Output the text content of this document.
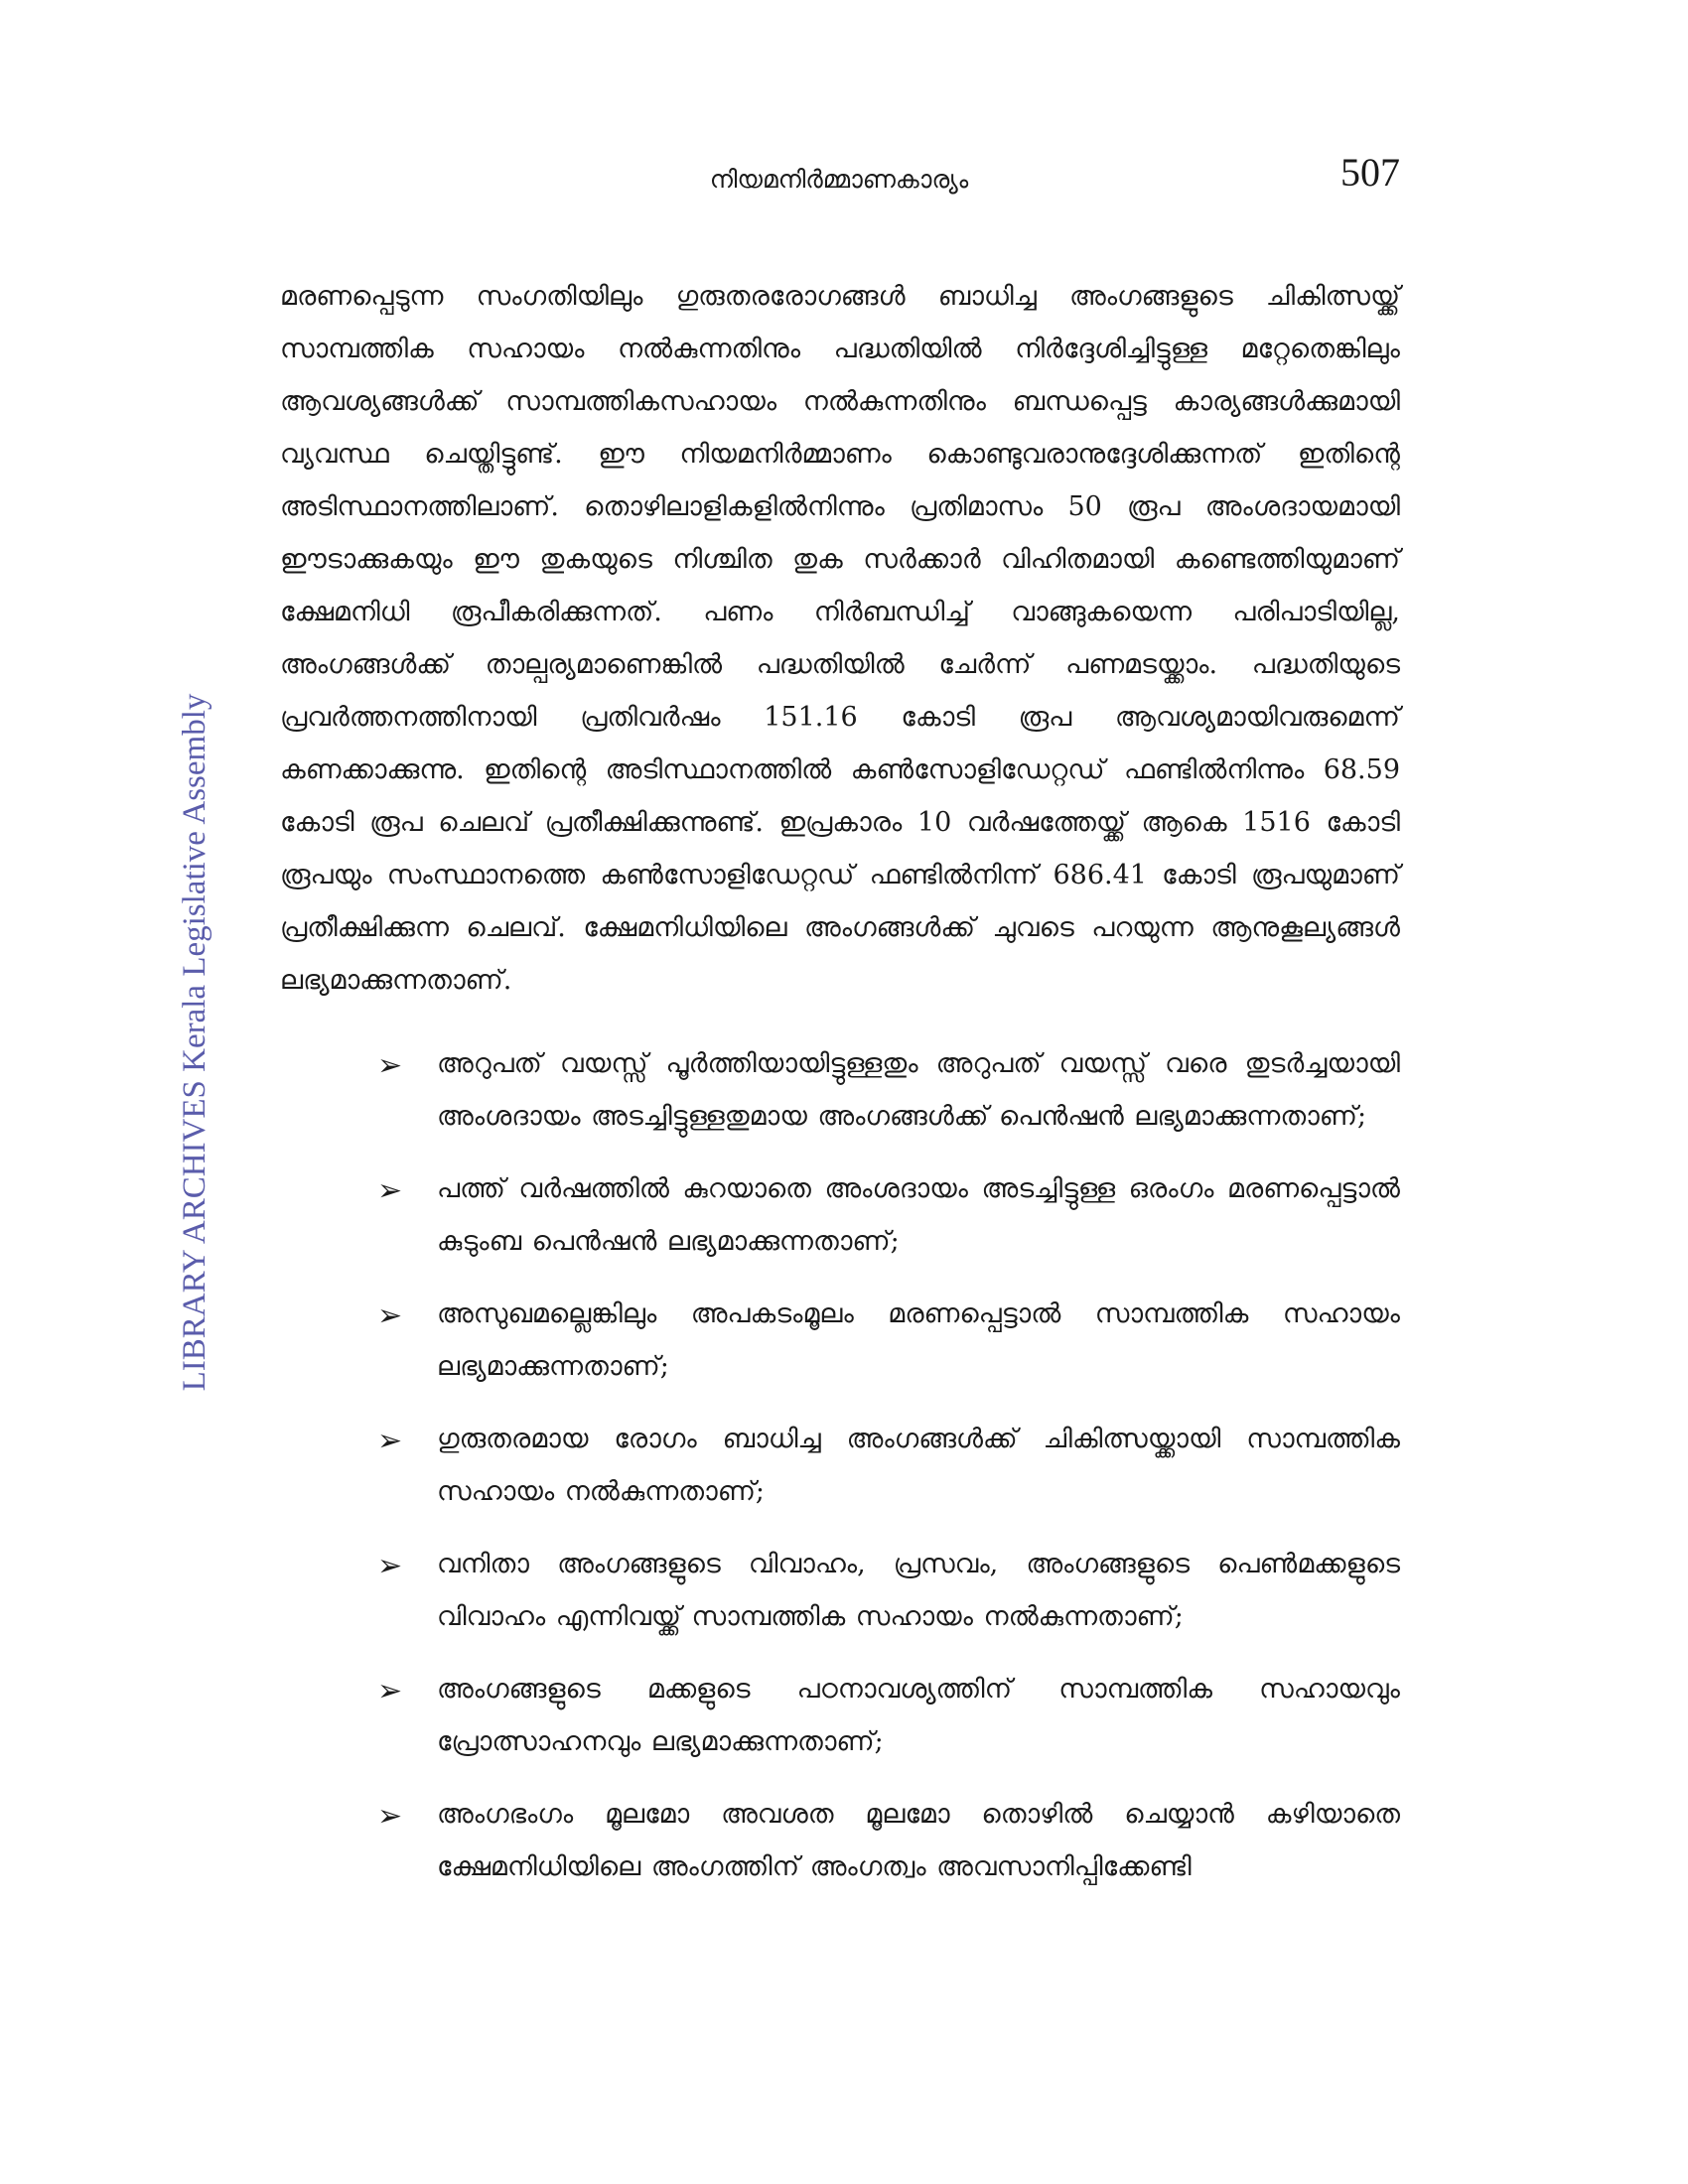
നിയമനിർമ്മാണകാര്യം	507
LIBRARY ARCHIVES Kerala Legislative Assembly

മരണപ്പെടുന്ന സംഗതിയിലും ഗുരുതരരോഗങ്ങൾ ബാധിച്ച അംഗങ്ങളുടെ ചികിത്സയ്ക്ക് സാമ്പത്തിക സഹായം നൽകുന്നതിനും പദ്ധതിയിൽ നിർദ്ദേശിച്ചിട്ടുള്ള മറ്റേതെങ്കിലും ആവശ്യങ്ങൾക്ക് സാമ്പത്തികസഹായം നൽകുന്നതിനും ബന്ധപ്പെട്ട കാര്യങ്ങൾക്കുമായി വ്യവസ്ഥ ചെയ്തിട്ടുണ്ട്. ഈ നിയമനിർമ്മാണം കൊണ്ടുവരാനുദ്ദേശിക്കുന്നത് ഇതിന്റെ അടിസ്ഥാനത്തിലാണ്. തൊഴിലാളികളിൽനിന്നും പ്രതിമാസം 50 രൂപ അംശദായമായി ഈടാക്കുകയും ഈ തുകയുടെ നിശ്ചിത തുക സർക്കാർ വിഹിതമായി കണ്ടെത്തിയുമാണ് ക്ഷേമനിധി രൂപീകരിക്കുന്നത്. പണം നിർബന്ധിച്ച് വാങ്ങുകയെന്ന പരിപാടിയില്ല, അംഗങ്ങൾക്ക് താല്പര്യമാണെങ്കിൽ പദ്ധതിയിൽ ചേർന്ന് പണമടയ്ക്കാം. പദ്ധതിയുടെ പ്രവർത്തനത്തിനായി പ്രതിവർഷം 151.16 കോടി രൂപ ആവശ്യമായിവരുമെന്ന് കണക്കാക്കുന്നു. ഇതിന്റെ അടിസ്ഥാനത്തിൽ കൺസോളിഡേറ്റഡ് ഫണ്ടിൽനിന്നും 68.59 കോടി രൂപ ചെലവ് പ്രതീക്ഷിക്കുന്നുണ്ട്. ഇപ്രകാരം 10 വർഷത്തേയ്ക്ക് ആകെ 1516 കോടി രൂപയും സംസ്ഥാനത്തെ കൺസോളിഡേറ്റഡ് ഫണ്ടിൽനിന്ന് 686.41 കോടി രൂപയുമാണ് പ്രതീക്ഷിക്കുന്ന ചെലവ്. ക്ഷേമനിധിയിലെ അംഗങ്ങൾക്ക് ചുവടെ പറയുന്ന ആനുകൂല്യങ്ങൾ ലഭ്യമാക്കുന്നതാണ്.

➢ അറുപത് വയസ്സ് പൂർത്തിയായിട്ടുള്ളതും അറുപത് വയസ്സ് വരെ തുടർച്ചയായി അംശദായം അടച്ചിട്ടുള്ളതുമായ അംഗങ്ങൾക്ക് പെൻഷൻ ലഭ്യമാക്കുന്നതാണ്;
➢ പത്ത് വർഷത്തിൽ കുറയാതെ അംശദായം അടച്ചിട്ടുള്ള ഒരംഗം മരണപ്പെട്ടാൽ കുടുംബ പെൻഷൻ ലഭ്യമാക്കുന്നതാണ്;
➢ അസുഖമല്ലെങ്കിലും അപകടംമൂലം മരണപ്പെട്ടാൽ സാമ്പത്തിക സഹായം ലഭ്യമാക്കുന്നതാണ്;
➢ ഗുരുതരമായ രോഗം ബാധിച്ച അംഗങ്ങൾക്ക് ചികിത്സയ്ക്കായി സാമ്പത്തിക സഹായം നൽകുന്നതാണ്;
➢ വനിതാ അംഗങ്ങളുടെ വിവാഹം, പ്രസവം, അംഗങ്ങളുടെ പെൺമക്കളുടെ വിവാഹം എന്നിവയ്ക്ക് സാമ്പത്തിക സഹായം നൽകുന്നതാണ്;
➢ അംഗങ്ങളുടെ മക്കളുടെ പഠനാവശ്യത്തിന് സാമ്പത്തിക സഹായവും പ്രോത്സാഹനവും ലഭ്യമാക്കുന്നതാണ്;
➢ അംഗഭംഗം മൂലമോ അവശത മൂലമോ തൊഴിൽ ചെയ്യാൻ കഴിയാതെ ക്ഷേമനിധിയിലെ അംഗത്തിന് അംഗത്വം അവസാനിപ്പിക്കേണ്ടി
